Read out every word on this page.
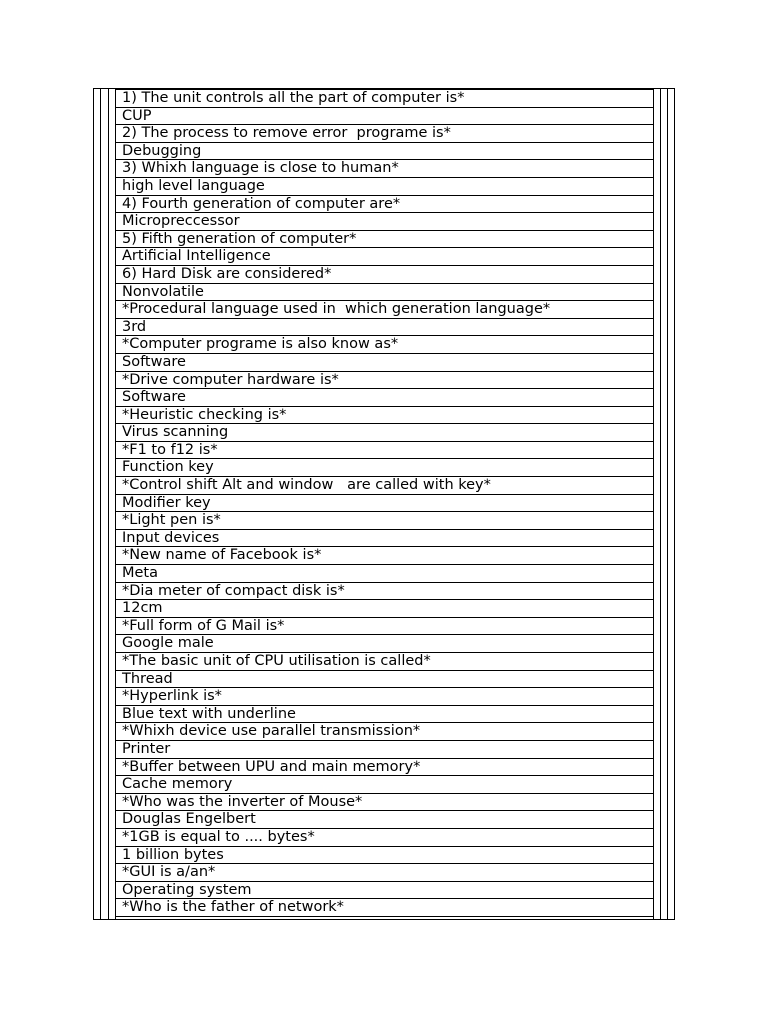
1) The unit controls all the part of computer is*
CUP
2) The process to remove error  programe is*
Debugging
3) Whixh language is close to human*
high level language
4) Fourth generation of computer are*
Micropreccessor
5) Fifth generation of computer*
Artificial Intelligence
6) Hard Disk are considered*
Nonvolatile
*Procedural language used in  which generation language*
3rd
*Computer programe is also know as*
Software
*Drive computer hardware is*
Software
*Heuristic checking is*
Virus scanning
*F1 to f12 is*
Function key
*Control shift Alt and window   are called with key*
Modifier key
*Light pen is*
Input devices
*New name of Facebook is*
Meta
*Dia meter of compact disk is*
12cm
*Full form of G Mail is*
Google male
*The basic unit of CPU utilisation is called*
Thread
*Hyperlink is*
Blue text with underline
*Whixh device use parallel transmission*
Printer
*Buffer between UPU and main memory*
Cache memory
*Who was the inverter of Mouse*
Douglas Engelbert
*1GB is equal to .... bytes*
1 billion bytes
*GUI is a/an*
Operating system
*Who is the father of network*
